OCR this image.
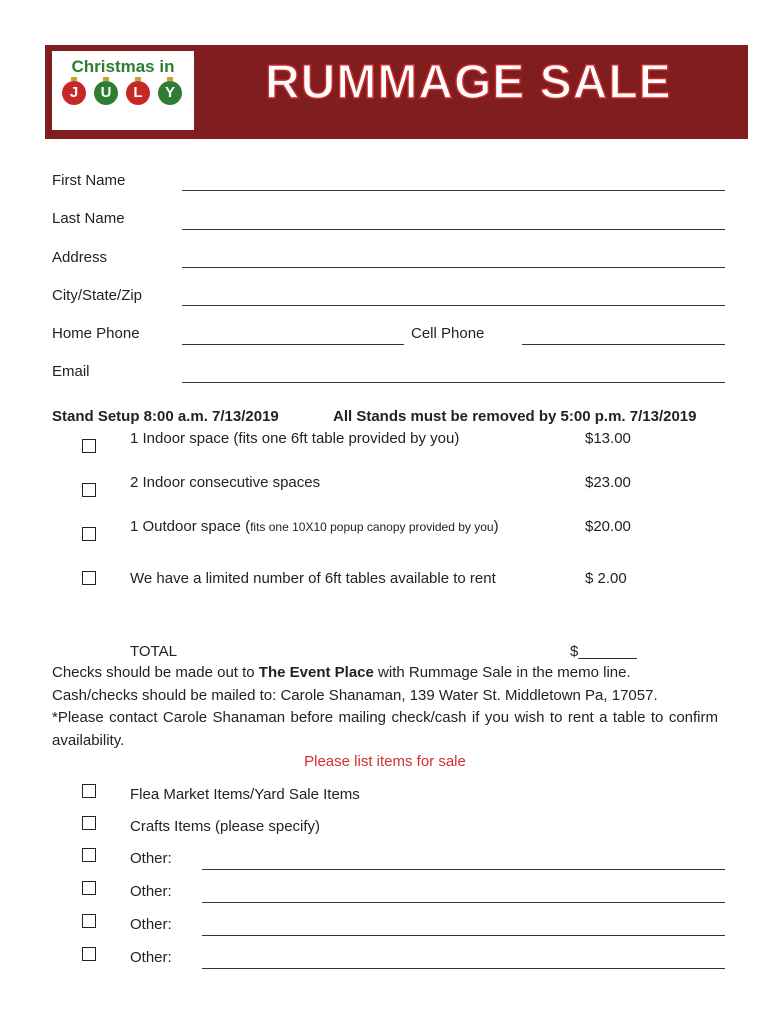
Christmas in
J	U	L	Y RUMMAGE SALE
First Name
Last Name
Address
City/State/Zip
Home Phone	Cell Phone
Email
Stand Setup 8:00 a.m. 7/13/2019	All Stands must be removed by 5:00 p.m. 7/13/2019
1 Indoor space (fits one 6ft table provided by you)	$13.00
2 Indoor consecutive spaces	$23.00
1 Outdoor space (fits one 10X10 popup canopy provided by you)	$20.00
We have a limited number of 6ft tables available to rent	$ 2.00
TOTAL	$_______
Checks should be made out to The Event Place with Rummage Sale in the memo line.
Cash/checks should be mailed to: Carole Shanaman, 139 Water St. Middletown Pa, 17057.
*Please contact Carole Shanaman before mailing check/cash if you wish to rent a table to confirm availability.
Please list items for sale
Flea Market Items/Yard Sale Items
Crafts Items (please specify)
Other:
Other:
Other:
Other:
